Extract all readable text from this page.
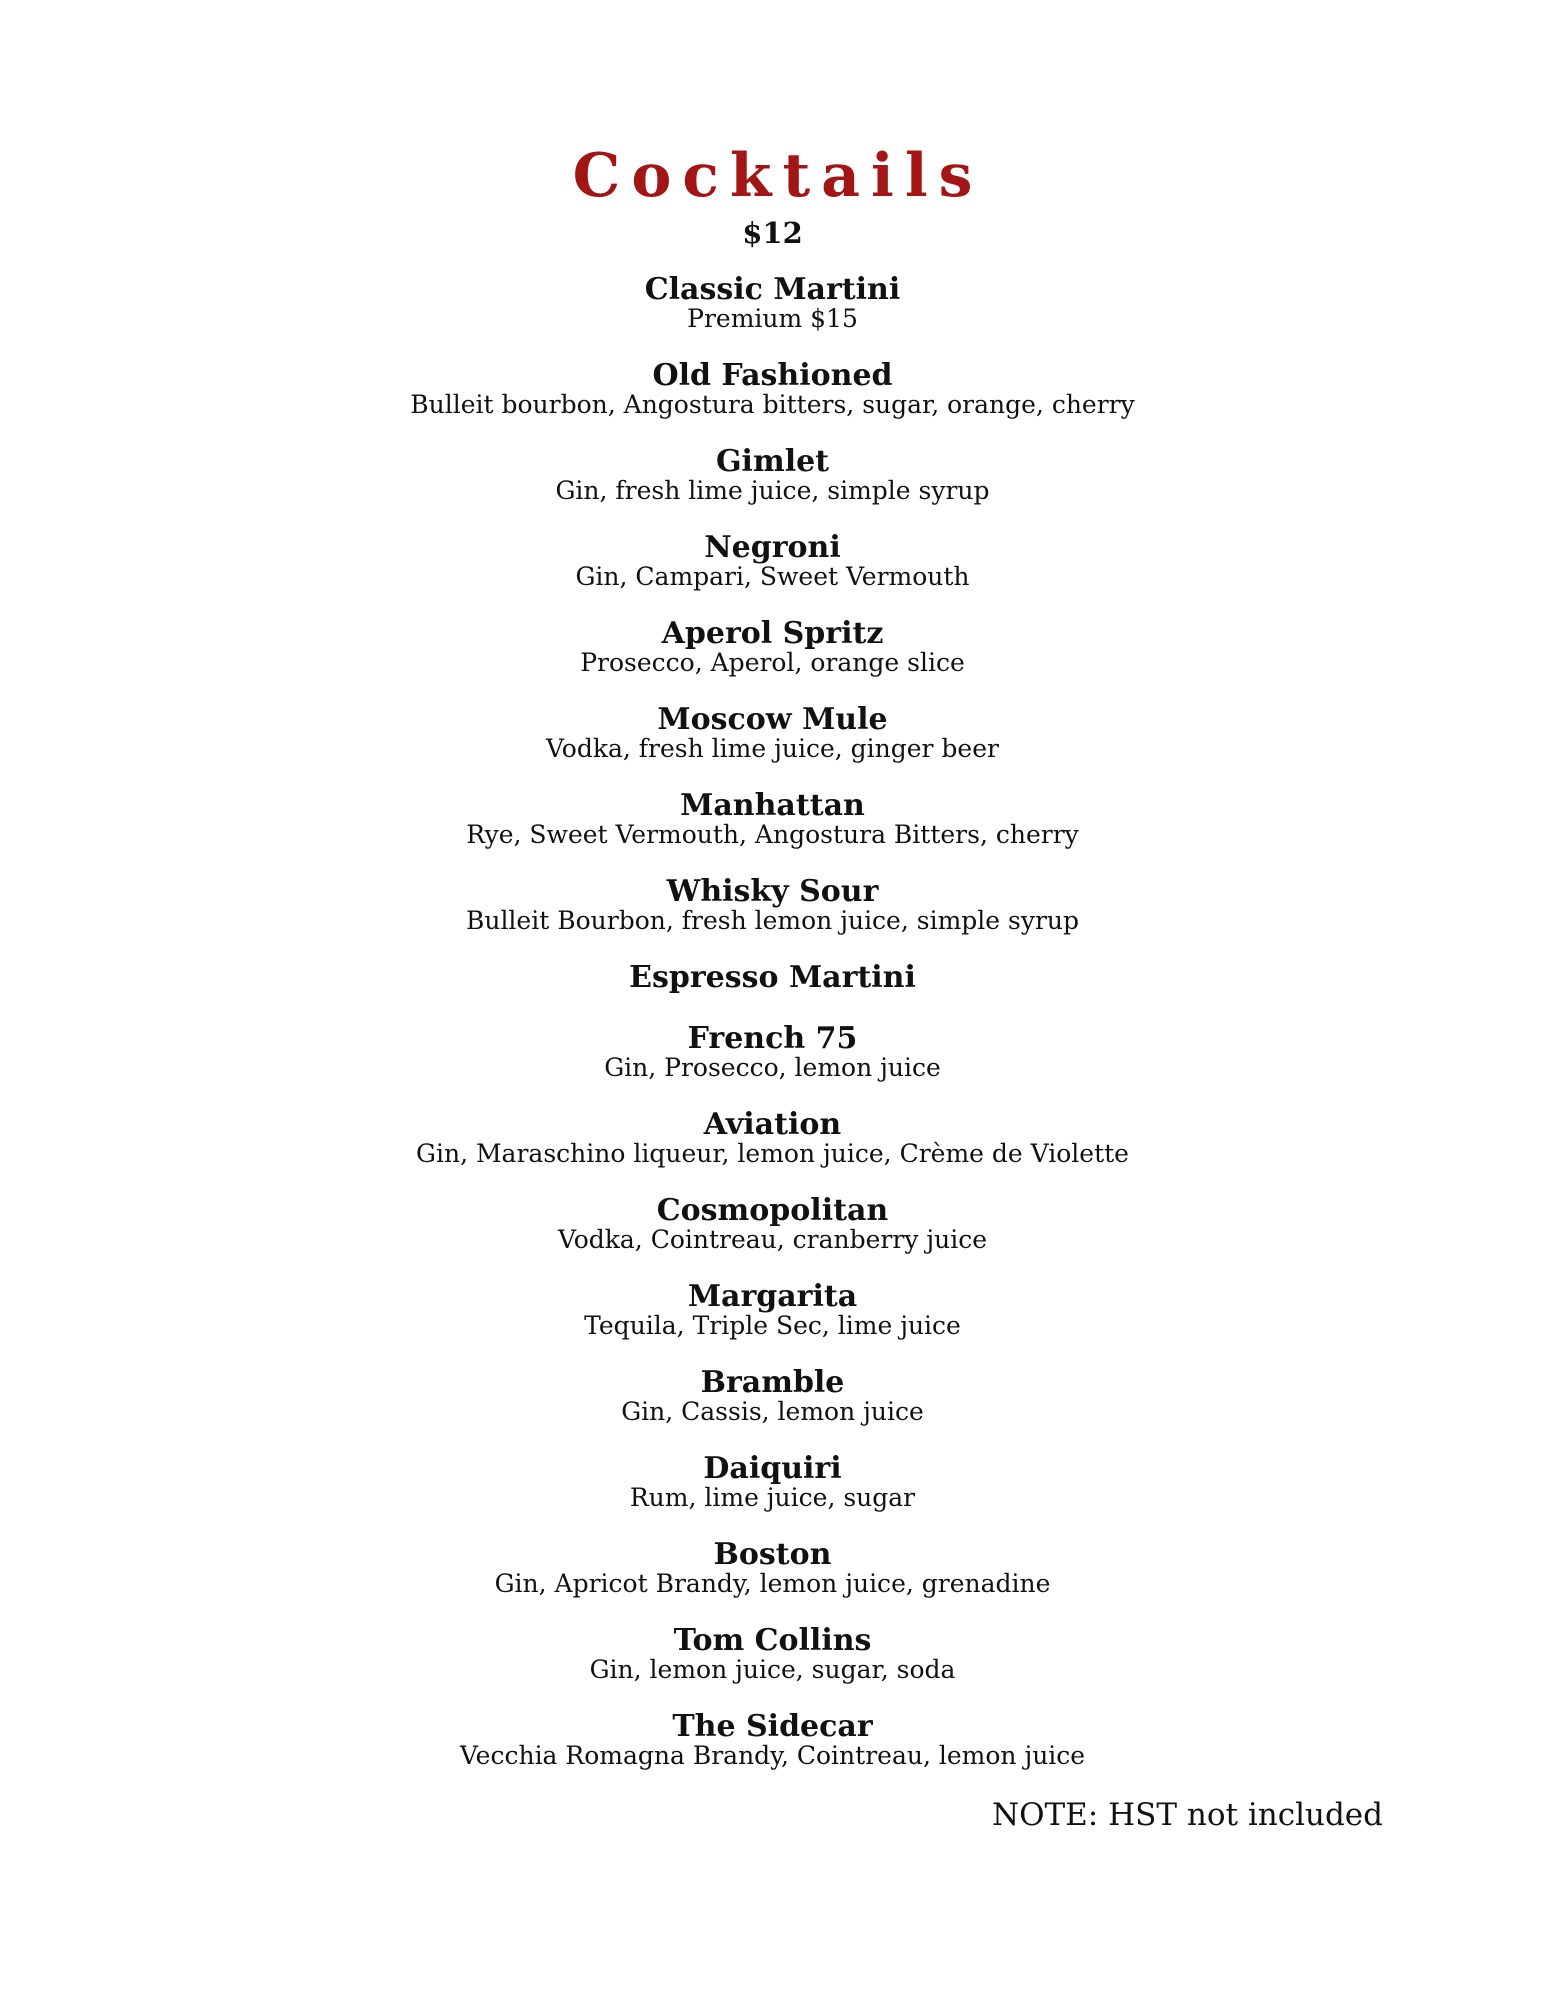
Cocktails
$12
Classic Martini
Premium $15
Old Fashioned
Bulleit bourbon, Angostura bitters, sugar, orange, cherry
Gimlet
Gin, fresh lime juice, simple syrup
Negroni
Gin, Campari, Sweet Vermouth
Aperol Spritz
Prosecco, Aperol, orange slice
Moscow Mule
Vodka, fresh lime juice, ginger beer
Manhattan
Rye, Sweet Vermouth, Angostura Bitters, cherry
Whisky Sour
Bulleit Bourbon, fresh lemon juice, simple syrup
Espresso Martini
French 75
Gin, Prosecco, lemon juice
Aviation
Gin, Maraschino liqueur, lemon juice, Crème de Violette
Cosmopolitan
Vodka, Cointreau, cranberry juice
Margarita
Tequila, Triple Sec, lime juice
Bramble
Gin, Cassis, lemon juice
Daiquiri
Rum, lime juice, sugar
Boston
Gin, Apricot Brandy, lemon juice, grenadine
Tom Collins
Gin, lemon juice, sugar, soda
The Sidecar
Vecchia Romagna Brandy, Cointreau, lemon juice
NOTE: HST not included
